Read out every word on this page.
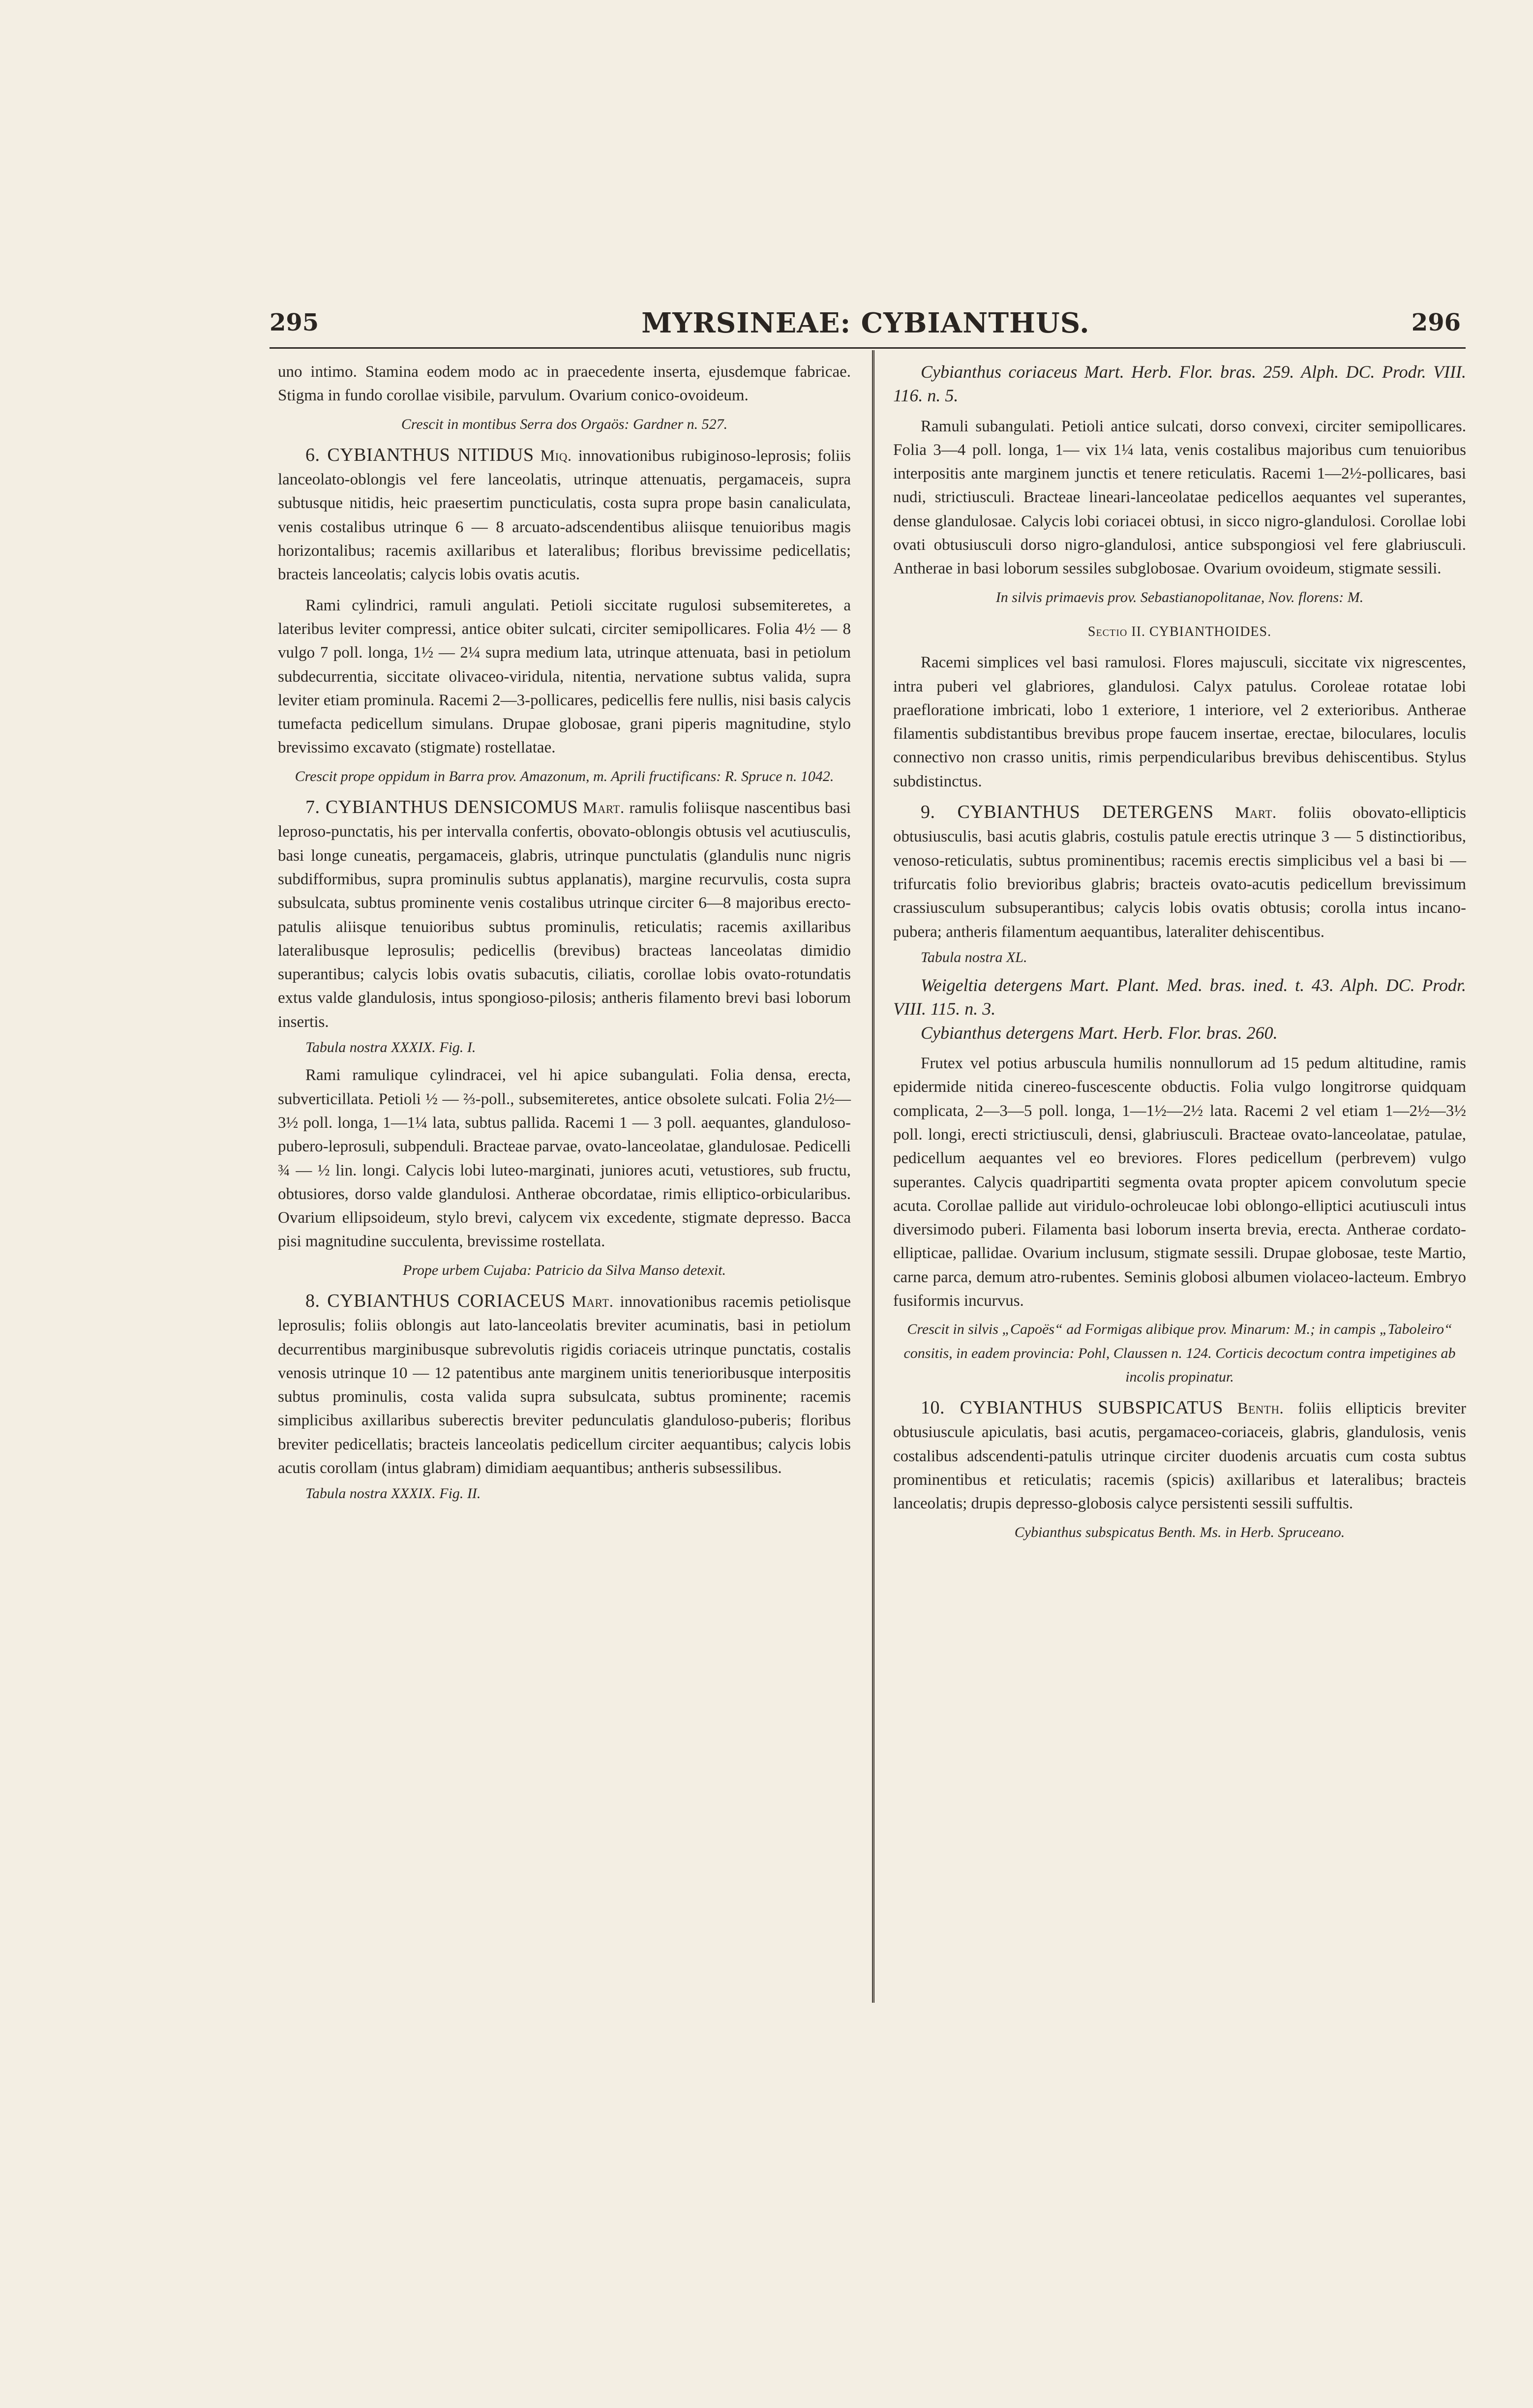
295	MYRSINEAE: CYBIANTHUS.	296

uno intimo. Stamina eodem modo ac in praecedente inserta, ejusdemque fabricae. Stigma in fundo corollae visibile, parvulum. Ovarium conico-ovoideum.

Crescit in montibus Serra dos Orgaös: Gardner n. 527.

6. CYBIANTHUS NITIDUS Miq. innovationibus rubiginoso-leprosis; foliis lanceolato-oblongis vel fere lanceolatis, utrinque attenuatis, pergamaceis, supra subtusque nitidis, heic praesertim puncticulatis, costa supra prope basin canaliculata, venis costalibus utrinque 6 — 8 arcuato-adscendentibus aliisque tenuioribus magis horizontalibus; racemis axillaribus et lateralibus; floribus brevissime pedicellatis; bracteis lanceolatis; calycis lobis ovatis acutis.

Rami cylindrici, ramuli angulati. Petioli siccitate rugulosi subsemiteretes, a lateribus leviter compressi, antice obiter sulcati, circiter semipollicares. Folia 4½ — 8 vulgo 7 poll. longa, 1½ — 2¼ supra medium lata, utrinque attenuata, basi in petiolum subdecurrentia, siccitate olivaceo-viridula, nitentia, nervatione subtus valida, supra leviter etiam prominula. Racemi 2—3-pollicares, pedicellis fere nullis, nisi basis calycis tumefacta pedicellum simulans. Drupae globosae, grani piperis magnitudine, stylo brevissimo excavato (stigmate) rostellatae.

Crescit prope oppidum in Barra prov. Amazonum, m. Aprili fructificans: R. Spruce n. 1042.

7. CYBIANTHUS DENSICOMUS Mart. ramulis foliisque nascentibus basi leproso-punctatis, his per intervalla confertis, obovato-oblongis obtusis vel acutiusculis, basi longe cuneatis, pergamaceis, glabris, utrinque punctulatis (glandulis nunc nigris subdifformibus, supra prominulis subtus applanatis), margine recurvulis, costa supra subsulcata, subtus prominente venis costalibus utrinque circiter 6—8 majoribus erecto-patulis aliisque tenuioribus subtus prominulis, reticulatis; racemis axillaribus lateralibusque leprosulis; pedicellis (brevibus) bracteas lanceolatas dimidio superantibus; calycis lobis ovatis subacutis, ciliatis, corollae lobis ovato-rotundatis extus valde glandulosis, intus spongioso-pilosis; antheris filamento brevi basi loborum insertis.

Tabula nostra XXXIX. Fig. I.

Rami ramulique cylindracei, vel hi apice subangulati. Folia densa, erecta, subverticillata. Petioli ½ — ⅔-poll., subsemiteretes, antice obsolete sulcati. Folia 2½—3½ poll. longa, 1—1¼ lata, subtus pallida. Racemi 1 — 3 poll. aequantes, glanduloso-pubero-leprosuli, subpenduli. Bracteae parvae, ovato-lanceolatae, glandulosae. Pedicelli ¾ — ½ lin. longi. Calycis lobi luteo-marginati, juniores acuti, vetustiores, sub fructu, obtusiores, dorso valde glandulosi. Antherae obcordatae, rimis elliptico-orbicularibus. Ovarium ellipsoideum, stylo brevi, calycem vix excedente, stigmate depresso. Bacca pisi magnitudine succulenta, brevissime rostellata.

Prope urbem Cujaba: Patricio da Silva Manso detexit.

8. CYBIANTHUS CORIACEUS Mart. innovationibus racemis petiolisque leprosulis; foliis oblongis aut lato-lanceolatis breviter acuminatis, basi in petiolum decurrentibus marginibusque subrevolutis rigidis coriaceis utrinque punctatis, costalis venosis utrinque 10 — 12 patentibus ante marginem unitis tenerioribusque interpositis subtus prominulis, costa valida supra subsulcata, subtus prominente; racemis simplicibus axillaribus suberectis breviter pedunculatis glanduloso-puberis; floribus breviter pedicellatis; bracteis lanceolatis pedicellum circiter aequantibus; calycis lobis acutis corollam (intus glabram) dimidiam aequantibus; antheris subsessilibus.

Tabula nostra XXXIX. Fig. II.

Cybianthus coriaceus Mart. Herb. Flor. bras. 259. Alph. DC. Prodr. VIII. 116. n. 5.

Ramuli subangulati. Petioli antice sulcati, dorso convexi, circiter semipollicares. Folia 3—4 poll. longa, 1— vix 1¼ lata, venis costalibus majoribus cum tenuioribus interpositis ante marginem junctis et tenere reticulatis. Racemi 1—2½-pollicares, basi nudi, strictiusculi. Bracteae lineari-lanceolatae pedicellos aequantes vel superantes, dense glandulosae. Calycis lobi coriacei obtusi, in sicco nigro-glandulosi. Corollae lobi ovati obtusiusculi dorso nigro-glandulosi, antice subspongiosi vel fere glabriusculi. Antherae in basi loborum sessiles subglobosae. Ovarium ovoideum, stigmate sessili.

In silvis primaevis prov. Sebastianopolitanae, Nov. florens: M.

Sectio II. CYBIANTHOIDES.

Racemi simplices vel basi ramulosi. Flores majusculi, siccitate vix nigrescentes, intra puberi vel glabriores, glandulosi. Calyx patulus. Coroleae rotatae lobi praefloratione imbricati, lobo 1 exteriore, 1 interiore, vel 2 exterioribus. Antherae filamentis subdistantibus brevibus prope faucem insertae, erectae, biloculares, loculis connectivo non crasso unitis, rimis perpendicularibus brevibus dehiscentibus. Stylus subdistinctus.

9. CYBIANTHUS DETERGENS Mart. foliis obovato-ellipticis obtusiusculis, basi acutis glabris, costulis patule erectis utrinque 3 — 5 distinctioribus, venoso-reticulatis, subtus prominentibus; racemis erectis simplicibus vel a basi bi — trifurcatis folio brevioribus glabris; bracteis ovato-acutis pedicellum brevissimum crassiusculum subsuperantibus; calycis lobis ovatis obtusis; corolla intus incano-pubera; antheris filamentum aequantibus, lateraliter dehiscentibus.

Tabula nostra XL.

Weigeltia detergens Mart. Plant. Med. bras. ined. t. 43. Alph. DC. Prodr. VIII. 115. n. 3.

Cybianthus detergens Mart. Herb. Flor. bras. 260.

Frutex vel potius arbuscula humilis nonnullorum ad 15 pedum altitudine, ramis epidermide nitida cinereo-fuscescente obductis. Folia vulgo longitrorse quidquam complicata, 2—3—5 poll. longa, 1—1½—2½ lata. Racemi 2 vel etiam 1—2½—3½ poll. longi, erecti strictiusculi, densi, glabriusculi. Bracteae ovato-lanceolatae, patulae, pedicellum aequantes vel eo breviores. Flores pedicellum (perbrevem) vulgo superantes. Calycis quadripartiti segmenta ovata propter apicem convolutum specie acuta. Corollae pallide aut viridulo-ochroleucae lobi oblongo-elliptici acutiusculi intus diversimodo puberi. Filamenta basi loborum inserta brevia, erecta. Antherae cordato-ellipticae, pallidae. Ovarium inclusum, stigmate sessili. Drupae globosae, teste Martio, carne parca, demum atro-rubentes. Seminis globosi albumen violaceo-lacteum. Embryo fusiformis incurvus.

Crescit in silvis „Capoës“ ad Formigas alibique prov. Minarum: M.; in campis „Taboleiro“ consitis, in eadem provincia: Pohl, Claussen n. 124. Corticis decoctum contra impetigines ab incolis propinatur.

10. CYBIANTHUS SUBSPICATUS Benth. foliis ellipticis breviter obtusiuscule apiculatis, basi acutis, pergamaceo-coriaceis, glabris, glandulosis, venis costalibus adscendenti-patulis utrinque circiter duodenis arcuatis cum costa subtus prominentibus et reticulatis; racemis (spicis) axillaribus et lateralibus; bracteis lanceolatis; drupis depresso-globosis calyce persistenti sessili suffultis.

Cybianthus subspicatus Benth. Ms. in Herb. Spruceano.
